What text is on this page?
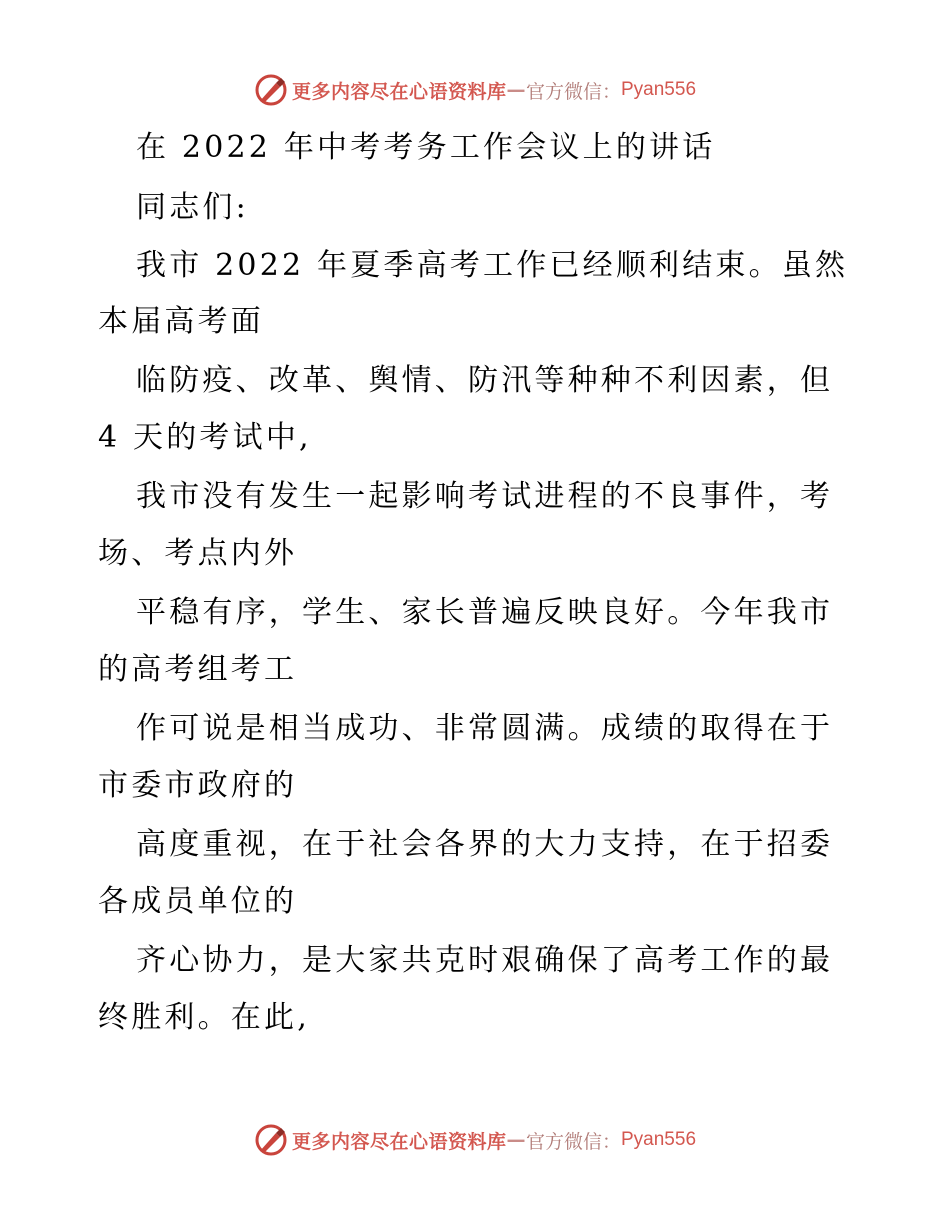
更多内容尽在心语资料库 — 官方微信： Pyan556
在 2022 年中考考务工作会议上的讲话
同志们:
我市 2022 年夏季高考工作已经顺利结束。虽然
本届高考面
临防疫、改革、舆情、防汛等种种不利因素，但
4 天的考试中,
我市没有发生一起影响考试进程的不良事件，考
场、考点内外
平稳有序，学生、家长普遍反映良好。今年我市
的高考组考工
作可说是相当成功、非常圆满。成绩的取得在于
市委市政府的
高度重视，在于社会各界的大力支持，在于招委
各成员单位的
齐心协力，是大家共克时艰确保了高考工作的最
终胜利。在此,
更多内容尽在心语资料库 — 官方微信： Pyan556
